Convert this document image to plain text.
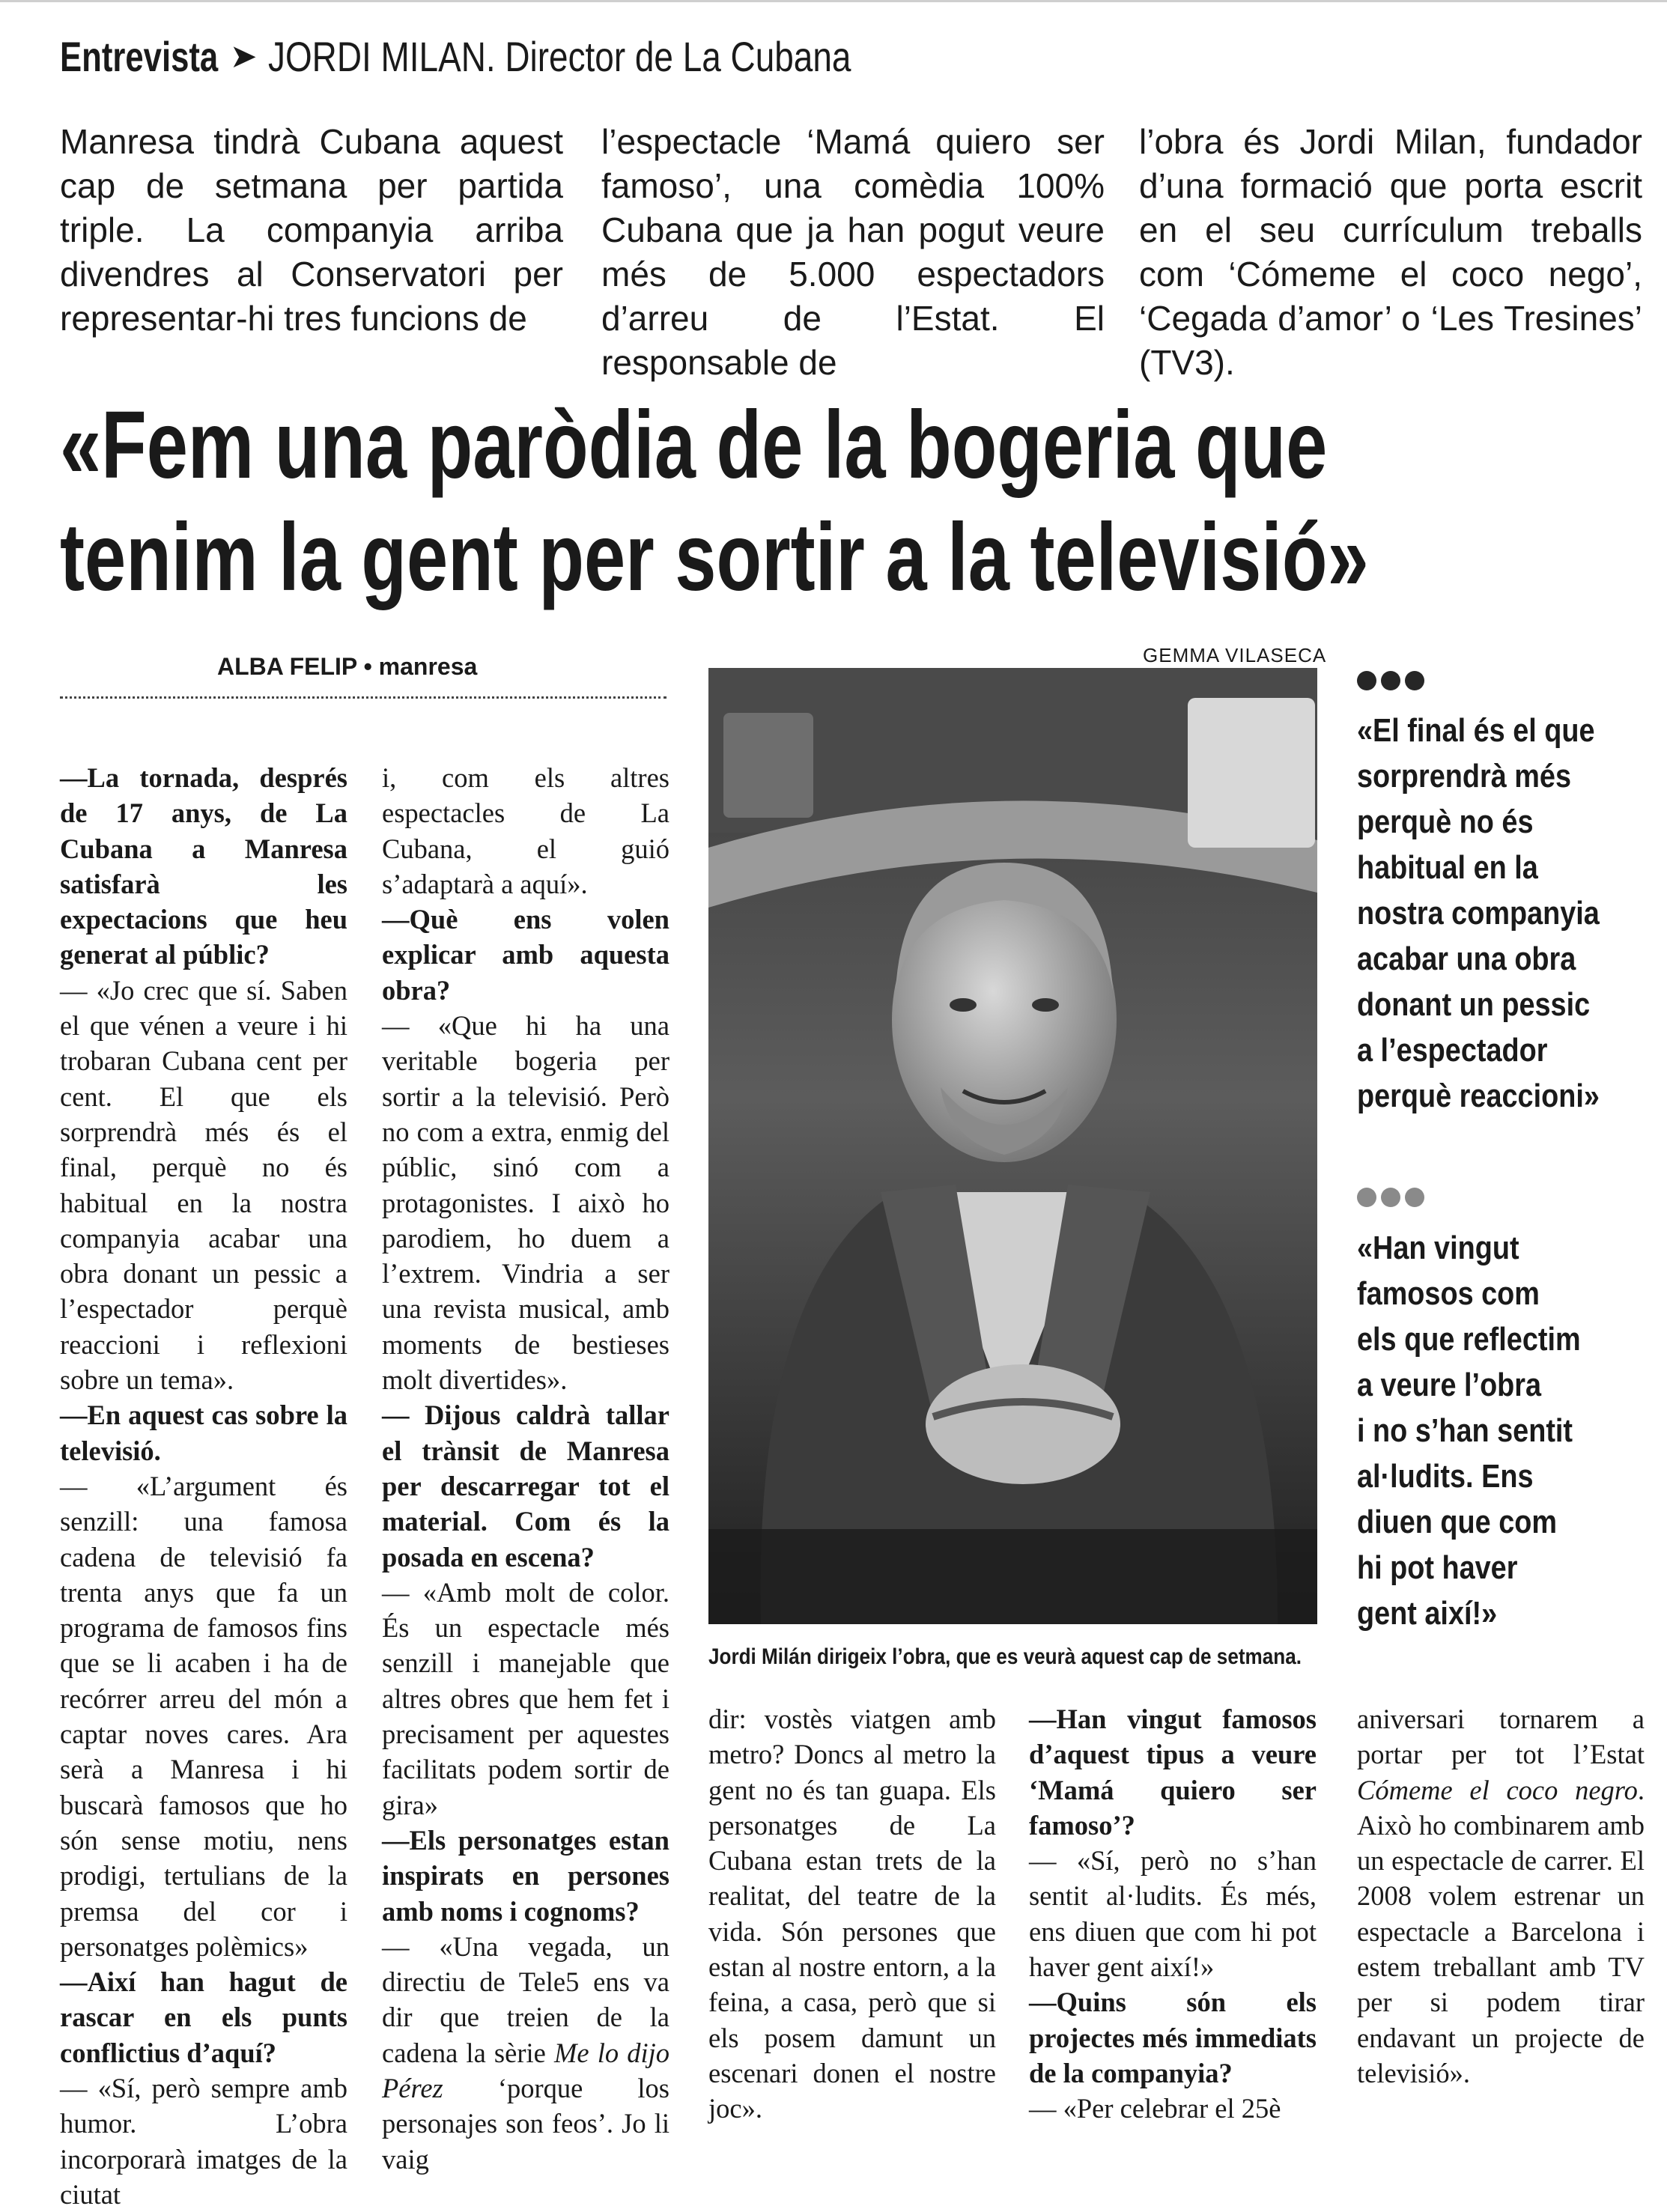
Entrevista ➤ JORDI MILAN. Director de La Cubana

Manresa tindrà Cubana aquest cap de setmana per partida triple. La companyia arriba divendres al Conservatori per representar-hi tres funcions de

l’espectacle ‘Mamá quiero ser famoso’, una comèdia 100% Cubana que ja han pogut veure més de 5.000 espectadors d’arreu de l’Estat. El responsable de

l’obra és Jordi Milan, fundador d’una formació que porta escrit en el seu currículum treballs com ‘Cómeme el coco nego’, ‘Cegada d’amor’ o ‘Les Tresines’ (TV3).

«Fem una paròdia de la bogeria que
tenim la gent per sortir a la televisió»
ALBA FELIP • manresa	GEMMA VILASECA

—La tornada, després de 17 anys, de La Cubana a Manresa satisfarà les expectacions que heu generat al públic?

— «Jo crec que sí. Saben el que vénen a veure i hi trobaran Cubana cent per cent. El que els sorprendrà més és el final, perquè no és habitual en la nostra companyia acabar una obra donant un pessic a l’espectador perquè reaccioni i reflexioni sobre un tema».

—En aquest cas sobre la televisió.

— «L’argument és senzill: una famosa cadena de televisió fa trenta anys que fa un programa de famosos fins que se li acaben i ha de recórrer arreu del món a captar noves cares. Ara serà a Manresa i hi buscarà famosos que ho són sense motiu, nens prodigi, tertulians de la premsa del cor i personatges polèmics»

—Així han hagut de rascar en els punts conflictius d’aquí?

— «Sí, però sempre amb humor. L’obra incorporarà imatges de la ciutat

i, com els altres espectacles de La Cubana, el guió s’adaptarà a aquí».

—Què ens volen explicar amb aquesta obra?

— «Que hi ha una veritable bogeria per sortir a la televisió. Però no com a extra, enmig del públic, sinó com a protagonistes. I això ho parodiem, ho duem a l’extrem. Vindria a ser una revista musical, amb moments de bestieses molt divertides».

— Dijous caldrà tallar el trànsit de Manresa per descarregar tot el material. Com és la posada en escena?

— «Amb molt de color. És un espectacle més senzill i manejable que altres obres que hem fet i precisament per aquestes facilitats podem sortir de gira»

—Els personatges estan inspirats en persones amb noms i cognoms?

— «Una vegada, un directiu de Tele5 ens va dir que treien de la cadena la sèrie Me lo dijo Pérez ‘porque los personajes son feos’. Jo li vaig

dir: vostès viatgen amb metro? Doncs al metro la gent no és tan guapa. Els personatges de La Cubana estan trets de la realitat, del teatre de la vida. Són persones que estan al nostre entorn, a la feina, a casa, però que si els posem damunt un escenari donen el nostre joc».

—Han vingut famosos d’aquest tipus a veure ‘Mamá quiero ser famoso’?

— «Sí, però no s’han sentit al·ludits. És més, ens diuen que com hi pot haver gent així!»

—Quins són els projectes més immediats de la companyia?

— «Per celebrar el 25è

aniversari tornarem a portar per tot l’Estat Cómeme el coco negro. Això ho combinarem amb un espectacle de carrer. El 2008 volem estrenar un espectacle a Barcelona i estem treballant amb TV per si podem tirar endavant un projecte de televisió».

Jordi Milán dirigeix l’obra, que es veurà aquest cap de setmana.
«El final és el que
sorprendrà més
perquè no és
habitual en la
nostra companyia
acabar una obra
donant un pessic
a l’espectador
perquè reaccioni»
«Han vingut
famosos com
els que reflectim
a veure l’obra
i no s’han sentit
al·ludits. Ens
diuen que com
hi pot haver
gent així!»
